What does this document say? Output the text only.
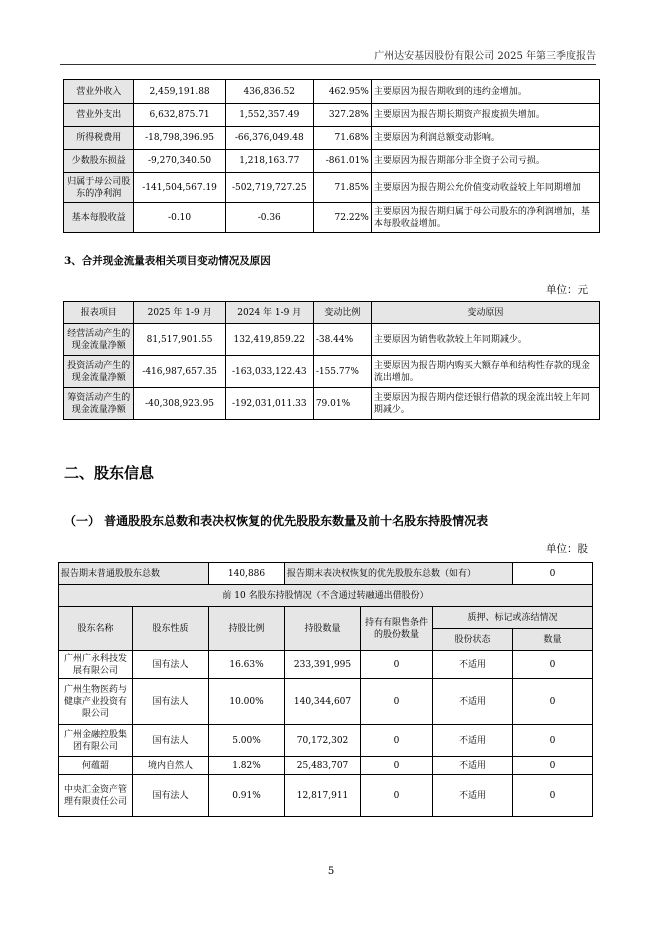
广州达安基因股份有限公司 2025 年第三季度报告
营业外收入	2,459,191.88	436,836.52	462.95%	主要原因为报告期收到的违约金增加。
营业外支出	6,632,875.71	1,552,357.49	327.28%	主要原因为报告期长期资产报废损失增加。
所得税费用	-18,798,396.95	-66,376,049.48	71.68%	主要原因为利润总额变动影响。
少数股东损益	-9,270,340.50	1,218,163.77	-861.01%	主要原因为报告期部分非全资子公司亏损。
归属于母公司股东的净利润	-141,504,567.19	-502,719,727.25	71.85%	主要原因为报告期公允价值变动收益较上年同期增加
基本每股收益	-0.10	-0.36	72.22%	主要原因为报告期归属于母公司股东的净利润增加，基本每股收益增加。
3、合并现金流量表相关项目变动情况及原因
单位：元
报表项目	2025 年 1-9 月	2024 年 1-9 月	变动比例	变动原因
经营活动产生的现金流量净额	81,517,901.55	132,419,859.22	-38.44%	主要原因为销售收款较上年同期减少。
投资活动产生的现金流量净额	-416,987,657.35	-163,033,122.43	-155.77%	主要原因为报告期内购买大额存单和结构性存款的现金流出增加。
筹资活动产生的现金流量净额	-40,308,923.95	-192,031,011.33	79.01%	主要原因为报告期内偿还银行借款的现金流出较上年同期减少。
二、股东信息
（一） 普通股股东总数和表决权恢复的优先股股东数量及前十名股东持股情况表
单位：股
报告期末普通股股东总数		140,886	报告期末表决权恢复的优先股股东总数（如有）			0
前 10 名股东持股情况（不含通过转融通出借股份）						
股东名称	股东性质	持股比例	持股数量	持有有限售条件的股份数量	质押、标记或冻结情况	
					股份状态	数量
广州广永科技发展有限公司	国有法人	16.63%	233,391,995	0	不适用	0
广州生物医药与健康产业投资有限公司	国有法人	10.00%	140,344,607	0	不适用	0
广州金融控股集团有限公司	国有法人	5.00%	70,172,302	0	不适用	0
何蕴韶	境内自然人	1.82%	25,483,707	0	不适用	0
中央汇金资产管理有限责任公司	国有法人	0.91%	12,817,911	0	不适用	0
5
